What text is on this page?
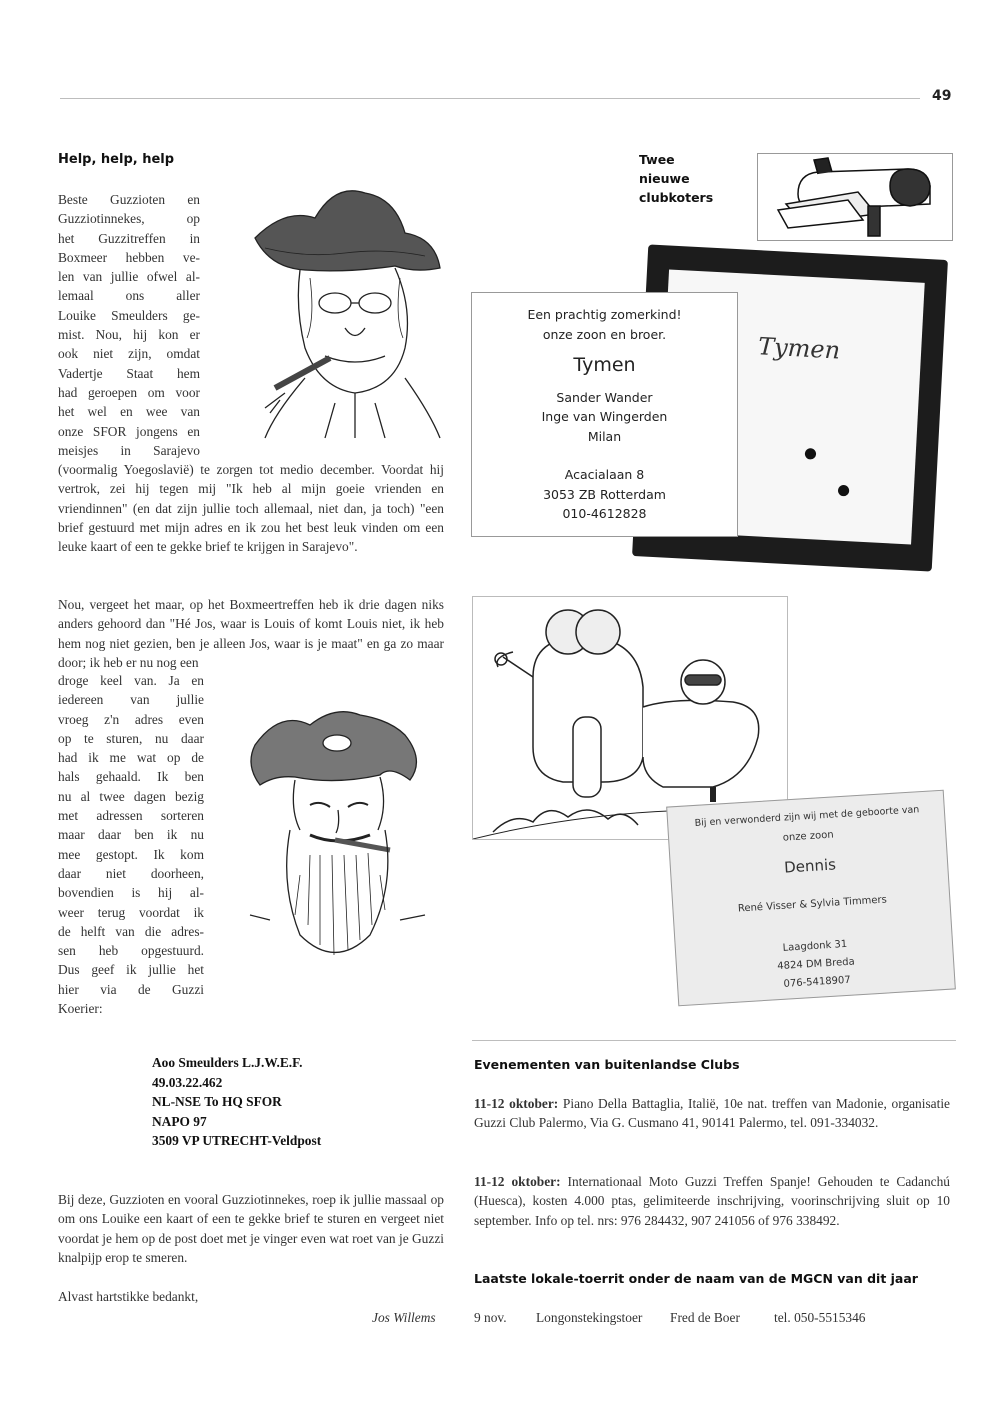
49
Help, help, help
Beste Guzzioten en
Guzziotinnekes, op
het Guzzitreffen in
Boxmeer hebben ve-
len van jullie ofwel al-
lemaal ons aller
Louike Smeulders ge-
mist. Nou, hij kon er
ook niet zijn, omdat
Vadertje Staat hem
had geroepen om voor
het wel en wee van
onze SFOR jongens en
meisjes in Sarajevo
(voormalig Yoegoslavië) te zorgen tot medio december. Voordat hij vertrok, zei hij tegen mij "Ik heb al mijn goeie vrienden en vriendinnen" (en dat zijn jullie toch allemaal, niet dan, ja toch) "een brief gestuurd met mijn adres en ik zou het best leuk vinden om een leuke kaart of een te gekke brief te krijgen in Sarajevo".
Nou, vergeet het maar, op het Boxmeertreffen heb ik drie dagen niks anders gehoord dan "Hé Jos, waar is Louis of komt Louis niet, ik heb hem nog niet gezien, ben je alleen Jos, waar is je maat" en ga zo maar door; ik heb er nu nog een
droge keel van. Ja en
iedereen van jullie
vroeg z'n adres even
op te sturen, nu daar
had ik me wat op de
hals gehaald. Ik ben
nu al twee dagen bezig
met adressen sorteren
maar daar ben ik nu
mee gestopt. Ik kom
daar niet doorheen,
bovendien is hij al-
weer terug voordat ik
de helft van die adres-
sen heb opgestuurd.
Dus geef ik jullie het
hier via de Guzzi
Koerier:
Aoo Smeulders L.J.W.E.F.
49.03.22.462
NL-NSE To HQ SFOR
NAPO 97
3509 VP UTRECHT-Veldpost
Bij deze, Guzzioten en vooral Guzziotinnekes, roep ik jullie massaal op om ons Louike een kaart of een te gekke brief te sturen en vergeet niet voordat je hem op de post doet met je vinger even wat roet van je Guzzi knalpijp erop te smeren.
Alvast hartstikke bedankt,
Jos Willems
Twee
nieuwe
clubkoters
Tymen
●
●
Een prachtig zomerkind!
onze zoon en broer.
Tymen
Sander Wander
Inge van Wingerden
Milan
Acacialaan 8
3053 ZB Rotterdam
010-4612828
Bij en verwonderd zijn wij met de geboorte van
onze zoon
Dennis
René Visser & Sylvia Timmers
Laagdonk 31
4824 DM Breda
076-5418907
Evenementen van buitenlandse Clubs
11-12 oktober: Piano Della Battaglia, Italië, 10e nat. treffen van Madonie, organisatie Guzzi Club Palermo, Via G. Cusmano 41, 90141 Palermo, tel. 091-334032.
11-12 oktober: Internationaal Moto Guzzi Treffen Spanje! Gehouden te Cadanchú (Huesca), kosten 4.000 ptas, gelimiteerde inschrijving, voorinschrijving sluit op 10 september. Info op tel. nrs: 976 284432, 907 241056 of 976 338492.
Laatste lokale-toerrit onder de naam van de MGCN van dit jaar
9 nov. Longonstekingstoer Fred de Boer	tel. 050-5515346
